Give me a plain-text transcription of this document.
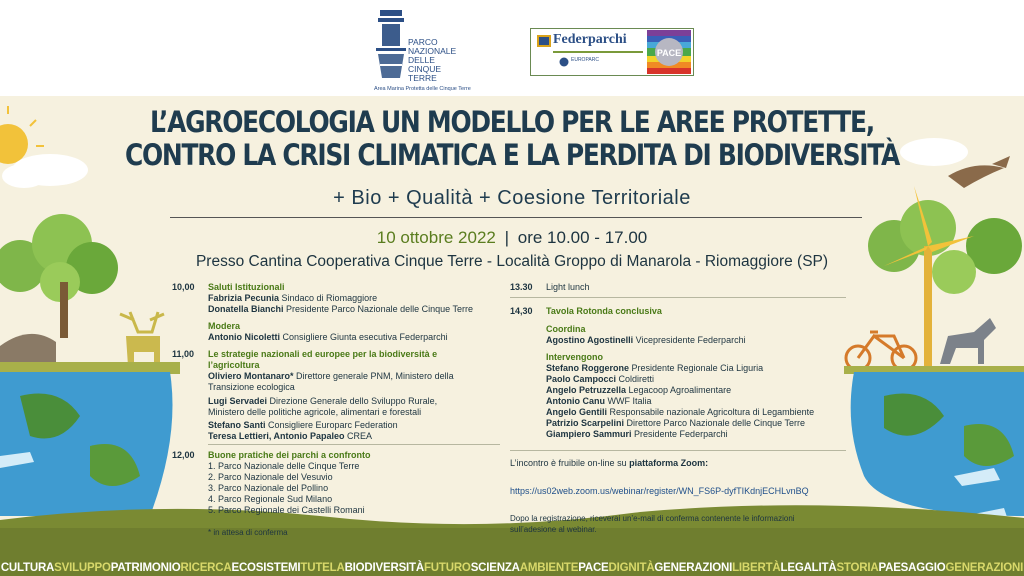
PARCO NAZIONALE DELLE CINQUE TERRE
Area Marina Protetta delle Cinque Terre
Federparchi
EUROPARC
PACE
CULTURASVILUPPOPATRIMONIORICERCAECOSISTEMITUTELABIODIVERSITÀFUTUROSCIENZAAMBIENTEPACEDIGNITÀGENERAZIONILIBERTÀLEGALITÀSTORIAPAESAGGIOGENERAZIONI
L’AGROECOLOGIA UN MODELLO PER LE AREE PROTETTE,
CONTRO LA CRISI CLIMATICA E LA PERDITA DI BIODIVERSITÀ
+ Bio + Qualità + Coesione Territoriale
10 ottobre 2022 | ore 10.00 - 17.00
Presso Cantina Cooperativa Cinque Terre - Località Groppo di Manarola - Riomaggiore (SP)
10,00	Saluti Istituzionali
Fabrizia Pecunia Sindaco di Riomaggiore
Donatella Bianchi Presidente Parco Nazionale delle Cinque Terre
Modera
Antonio Nicoletti Consigliere Giunta esecutiva Federparchi
11,00	Le strategie nazionali ed europee per la biodiversità e
l’agricoltura
Oliviero Montanaro* Direttore generale PNM, Ministero della
Transizione ecologica
Lugi Servadei Direzione Generale dello Sviluppo Rurale,
Ministero delle politiche agricole, alimentari e forestali
Stefano Santi Consigliere Europarc Federation
Teresa Lettieri, Antonio Papaleo CREA
12,00	Buone pratiche dei parchi a confronto
1. Parco Nazionale delle Cinque Terre
2. Parco Nazionale del Vesuvio
3. Parco Nazionale del Pollino
4. Parco Regionale Sud Milano
5. Parco Regionale dei Castelli Romani
* in attesa di conferma
13.30	Light lunch
14,30	Tavola Rotonda conclusiva
Coordina
Agostino Agostinelli Vicepresidente Federparchi
Intervengono
Stefano Roggerone Presidente Regionale Cia Liguria
Paolo Campocci Coldiretti
Angelo Petruzzella Legacoop Agroalimentare
Antonio Canu WWF Italia
Angelo Gentili Responsabile nazionale Agricoltura di Legambiente
Patrizio Scarpelini Direttore Parco Nazionale delle Cinque Terre
Giampiero Sammuri Presidente Federparchi
L’incontro è fruibile on-line su piattaforma Zoom:
https://us02web.zoom.us/webinar/register/WN_FS6P-dyfTIKdnjECHLvnBQ
Dopo la registrazione, riceverai un’e-mail di conferma contenente le informazioni
sull’adesione al webinar.
